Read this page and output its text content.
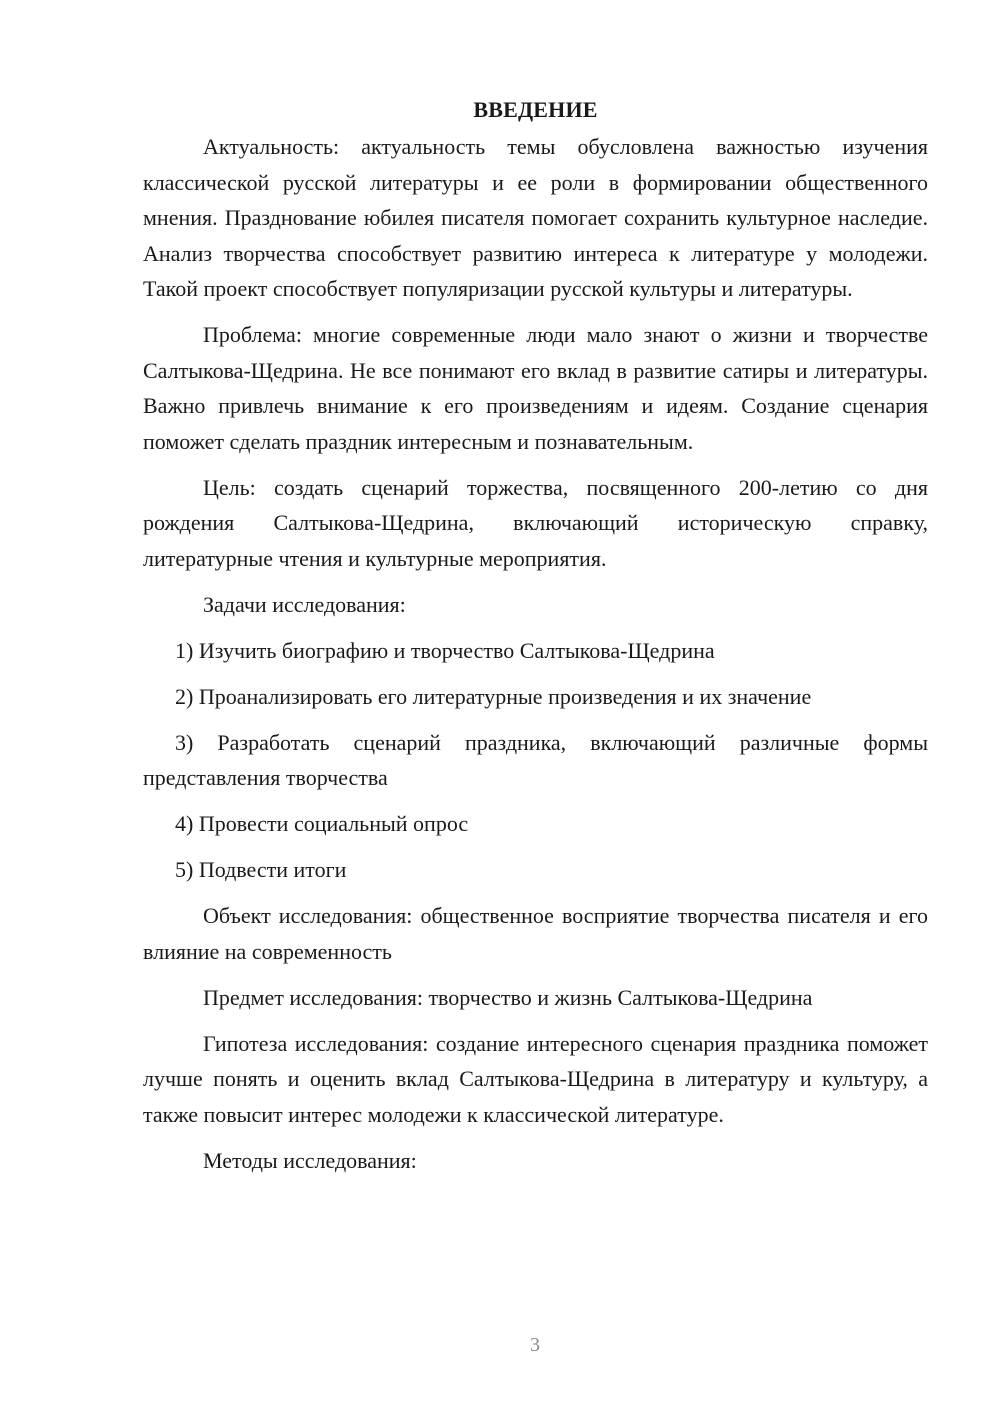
ВВЕДЕНИЕ

Актуальность: актуальность темы обусловлена важностью изучения классической русской литературы и ее роли в формировании общественного мнения. Празднование юбилея писателя помогает сохранить культурное наследие. Анализ творчества способствует развитию интереса к литературе у молодежи. Такой проект способствует популяризации русской культуры и литературы.

Проблема: многие современные люди мало знают о жизни и творчестве Салтыкова-Щедрина. Не все понимают его вклад в развитие сатиры и литературы. Важно привлечь внимание к его произведениям и идеям. Создание сценария поможет сделать праздник интересным и познавательным.

Цель: создать сценарий торжества, посвященного 200-летию со дня рождения Салтыкова-Щедрина, включающий историческую справку, литературные чтения и культурные мероприятия.

Задачи исследования:

1) Изучить биографию и творчество Салтыкова-Щедрина

2) Проанализировать его литературные произведения и их значение

3) Разработать сценарий праздника, включающий различные формы представления творчества

4) Провести социальный опрос

5) Подвести итоги

Объект исследования: общественное восприятие творчества писателя и его влияние на современность

Предмет исследования: творчество и жизнь Салтыкова-Щедрина

Гипотеза исследования: создание интересного сценария праздника поможет лучше понять и оценить вклад Салтыкова-Щедрина в литературу и культуру, а также повысит интерес молодежи к классической литературе.

Методы исследования:

3
